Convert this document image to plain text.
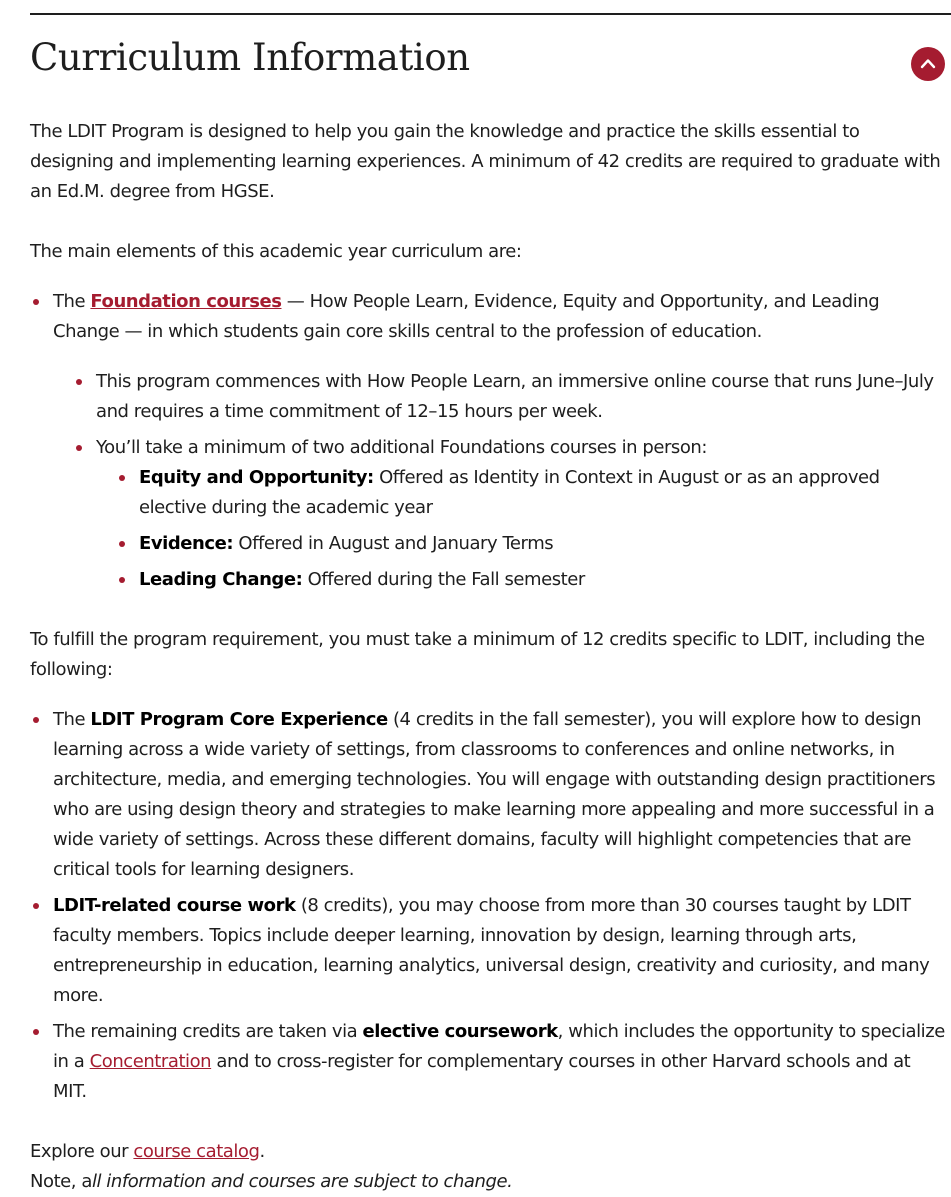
Curriculum Information

The LDIT Program is designed to help you gain the knowledge and practice the skills essential to designing and implementing learning experiences. A minimum of 42 credits are required to graduate with an Ed.M. degree from HGSE.

The main elements of this academic year curriculum are:

The Foundation courses — How People Learn, Evidence, Equity and Opportunity, and Leading Change — in which students gain core skills central to the profession of education.
This program commences with How People Learn, an immersive online course that runs June–July and requires a time commitment of 12–15 hours per week.
You’ll take a minimum of two additional Foundations courses in person:
Equity and Opportunity: Offered as Identity in Context in August or as an approved elective during the academic year
Evidence: Offered in August and January Terms
Leading Change: Offered during the Fall semester

To fulfill the program requirement, you must take a minimum of 12 credits specific to LDIT, including the following:

The LDIT Program Core Experience (4 credits in the fall semester), you will explore how to design learning across a wide variety of settings, from classrooms to conferences and online networks, in architecture, media, and emerging technologies. You will engage with outstanding design practitioners who are using design theory and strategies to make learning more appealing and more successful in a wide variety of settings. Across these different domains, faculty will highlight competencies that are critical tools for learning designers.
LDIT-related course work (8 credits), you may choose from more than 30 courses taught by LDIT faculty members. Topics include deeper learning, innovation by design, learning through arts, entrepreneurship in education, learning analytics, universal design, creativity and curiosity, and many more.
The remaining credits are taken via elective coursework, which includes the opportunity to specialize in a Concentration and to cross-register for complementary courses in other Harvard schools and at MIT.

Explore our course catalog.

Note, all information and courses are subject to change.
